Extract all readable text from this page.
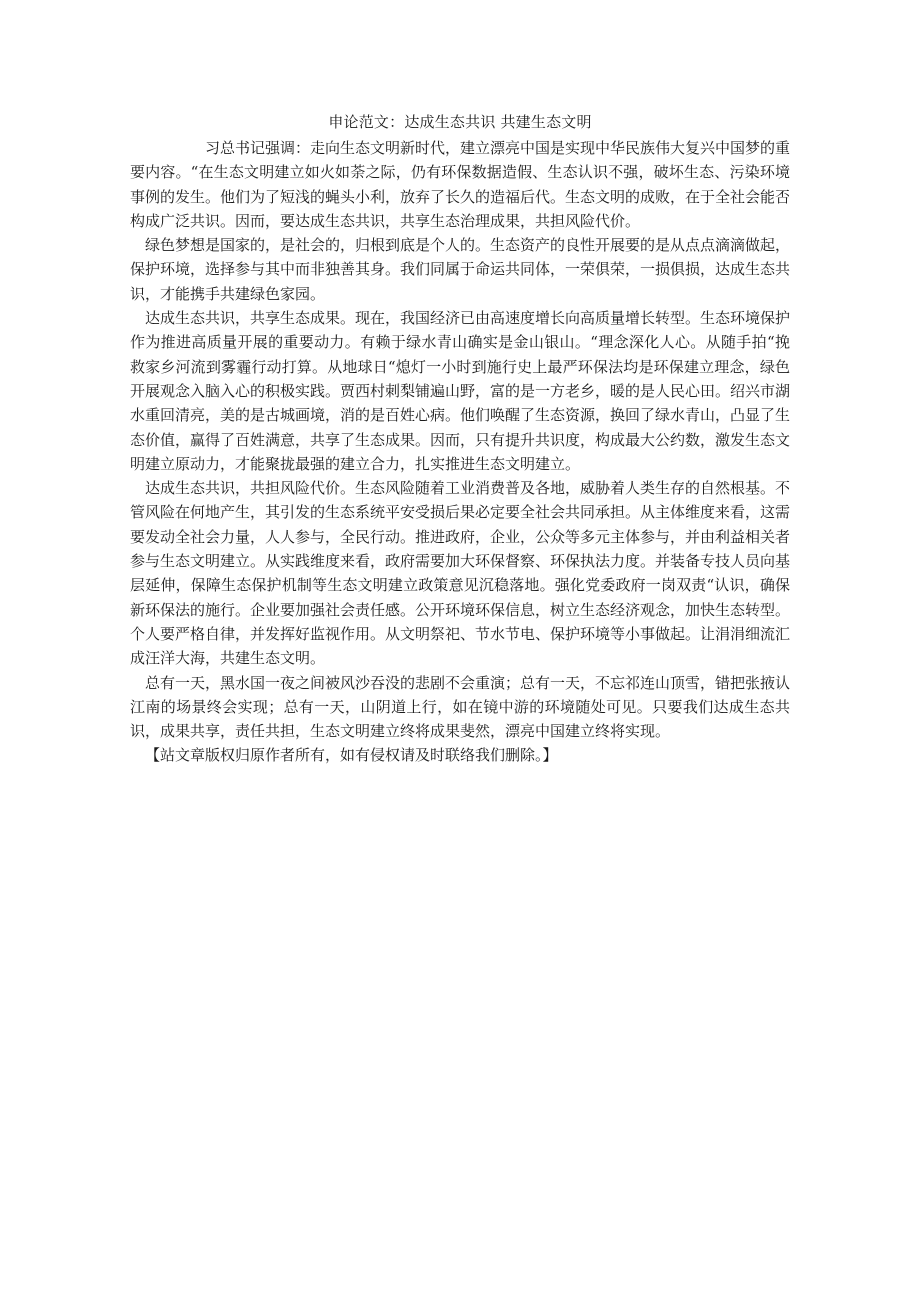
申论范文：达成生态共识 共建生态文明

习总书记强调：走向生态文明新时代，建立漂亮中国是实现中华民族伟大复兴中国梦的重要内容。“在生态文明建立如火如荼之际，仍有环保数据造假、生态认识不强，破坏生态、污染环境事例的发生。他们为了短浅的蝇头小利，放弃了长久的造福后代。生态文明的成败，在于全社会能否构成广泛共识。因而，要达成生态共识，共享生态治理成果，共担风险代价。

绿色梦想是国家的，是社会的，归根到底是个人的。生态资产的良性开展要的是从点点滴滴做起，保护环境，选择参与其中而非独善其身。我们同属于命运共同体，一荣俱荣，一损俱损，达成生态共识，才能携手共建绿色家园。

达成生态共识，共享生态成果。现在，我国经济已由高速度增长向高质量增长转型。生态环境保护作为推进高质量开展的重要动力。有赖于绿水青山确实是金山银山。“理念深化人心。从随手拍“挽救家乡河流到雾霾行动打算。从地球日“熄灯一小时到施行史上最严环保法均是环保建立理念，绿色开展观念入脑入心的积极实践。贾西村刺梨铺遍山野，富的是一方老乡，暖的是人民心田。绍兴市湖水重回清亮，美的是古城画境，消的是百姓心病。他们唤醒了生态资源，换回了绿水青山，凸显了生态价值，赢得了百姓满意，共享了生态成果。因而，只有提升共识度，构成最大公约数，激发生态文明建立原动力，才能聚拢最强的建立合力，扎实推进生态文明建立。

达成生态共识，共担风险代价。生态风险随着工业消费普及各地，威胁着人类生存的自然根基。不管风险在何地产生，其引发的生态系统平安受损后果必定要全社会共同承担。从主体维度来看，这需要发动全社会力量，人人参与，全民行动。推进政府，企业，公众等多元主体参与，并由利益相关者参与生态文明建立。从实践维度来看，政府需要加大环保督察、环保执法力度。并装备专技人员向基层延伸，保障生态保护机制等生态文明建立政策意见沉稳落地。强化党委政府一岗双责“认识，确保新环保法的施行。企业要加强社会责任感。公开环境环保信息，树立生态经济观念，加快生态转型。个人要严格自律，并发挥好监视作用。从文明祭祀、节水节电、保护环境等小事做起。让涓涓细流汇成汪洋大海，共建生态文明。

总有一天，黑水国一夜之间被风沙吞没的悲剧不会重演；总有一天，不忘祁连山顶雪，错把张掖认江南的场景终会实现；总有一天，山阴道上行，如在镜中游的环境随处可见。只要我们达成生态共识，成果共享，责任共担，生态文明建立终将成果斐然，漂亮中国建立终将实现。

【站文章版权归原作者所有，如有侵权请及时联络我们删除。】
